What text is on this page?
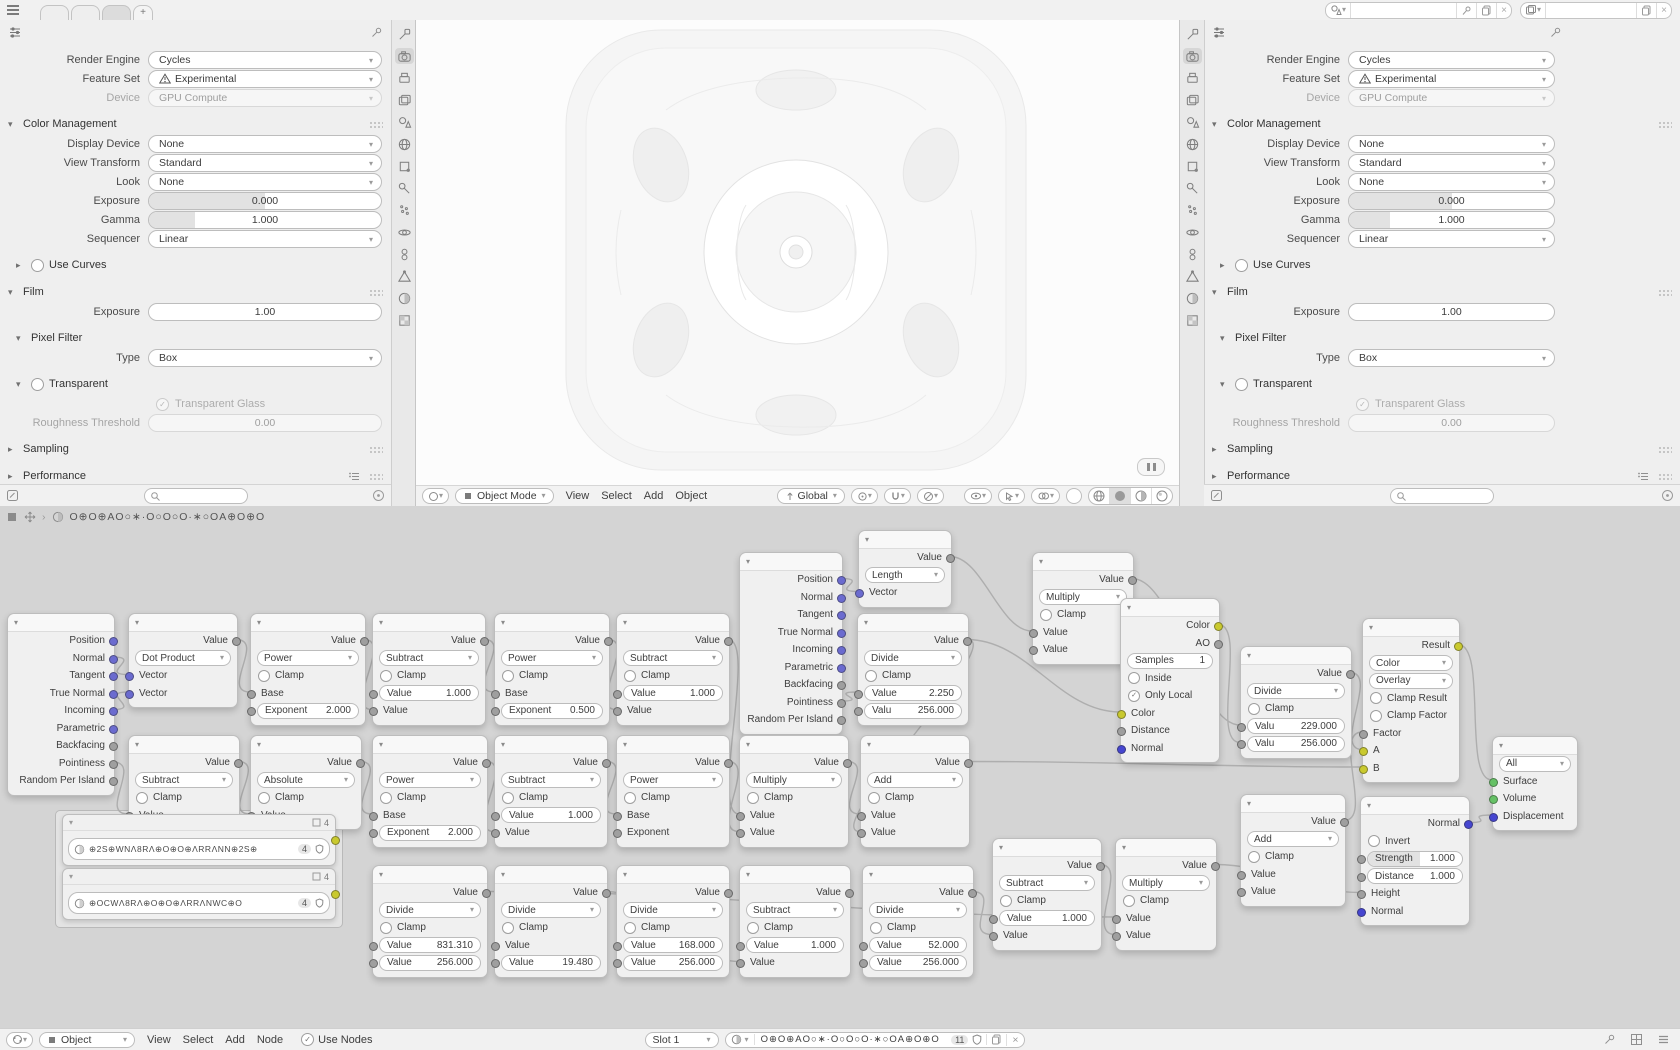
+	▾	×	▾	×
Render Engine	Cycles	▾
Feature Set	Experimental	▾
Device	GPU Compute	▾
▾ Color Management
Display Device	None	▾
View Transform	Standard	▾
Look	None	▾
Exposure	0.000
Gamma	1.000
Sequencer	Linear	▾
▸	Use Curves
▾ Film
Exposure	1.00
▾ Pixel Filter
Type	Box	▾
▾	Transparent
✓ Transparent Glass
Roughness Threshold	0.00
▸ Sampling
▸ Performance
▾	Object Mode ▾	View	Select	Add	Object	Global ▾	▾	▾	▾	▾	▾	▾
Render Engine	Cycles	▾
Feature Set	Experimental	▾
Device	GPU Compute	▾
▾ Color Management
Display Device	None	▾
View Transform	Standard	▾
Look	None	▾
Exposure	0.000
Gamma	1.000
Sequencer	Linear	▾
▸	Use Curves
▾ Film
Exposure	1.00
▾ Pixel Filter
Type	Box	▾
▾	Transparent
✓ Transparent Glass
Roughness Threshold	0.00
▸ Sampling
▸ Performance
› O⊕O⊕AO○∗·O○O○O·∗○OA⊕O⊕O
▾
Position
Normal
Tangent
True Normal
Incoming
Parametric
Backfacing
Pointiness
Random Per Island
▾
Value
Dot Product	▾
Vector
Vector
▾
Value
Power	▾
Clamp
Base
Exponent 2.000
▾
Value
Subtract	▾
Clamp
Value	1.000
Value
▾
Value
Power	▾
Clamp
Base
Exponent 0.500
▾
Value
Subtract	▾
Clamp
Value	1.000
Value
▾
Position
Normal
Tangent
True Normal
Incoming
Parametric
Backfacing
Pointiness
Random Per Island
▾
Value
Length	▾
Vector
▾
Value
Multiply	▾
Clamp
Value
Value
▾
Value
Divide	▾
Clamp
Value	2.250
Valu	256.000
▾
Value
Subtract	▾
Clamp
▾
Value
Absolute	▾
Clamp
▾
Value
Power	▾
Clamp
Base
Exponent 2.000
▾
Value
Subtract	▾
Clamp
Value	1.000
Value
▾
Value
Power	▾
Clamp
Base
Exponent
▾
Value
Multiply	▾
Clamp
Value
Value
▾
Value
Add	▾
Clamp
Value
Value
▾
Value
Divide	▾
Clamp
Value	831.310
Value	256.000
▾
Value
Divide	▾
Clamp
Value
Value	19.480
▾
Value
Divide	▾
Clamp
Value 168.000
Value 256.000
▾
Value
Subtract	▾
Clamp
Value	1.000
Value
▾
Value
Divide	▾
Clamp
Value	52.000
Value 256.000
▾
Value
Subtract	▾
Clamp
Value	1.000
Value
▾
Value
Multiply	▾
Clamp
Value
Value
▾
Color
AO
Samples	1
Inside
✓ Only Local
Color
Distance
Normal
▾
Value
Divide	▾
Clamp
Valu	229.000
Valu	256.000
▾
Value
Add	▾
Clamp
Value
Value
▾
Result
Color	▾
Overlay	▾
Clamp Result
Clamp Factor
Factor
A
B
▾
Normal
Invert
Strength 1.000
Distance 1.000
Height
Normal
▾
All	▾
Surface
Volume
Displacement
▾	4
⊕2S⊕WNΛ8RΛ⊕O⊕O⊕ΛRRΛNN⊕2S⊕	4
▾	4
⊕OCWΛ8RΛ⊕O⊕O⊕ΛRRΛNWC⊕O	4
▾	Object	▾	View	Select	Add	Node	✓ Use Nodes	Slot 1	▾	▾	O⊕O⊕AO○∗·O○O○O·∗○OA⊕O⊕O	11	×
